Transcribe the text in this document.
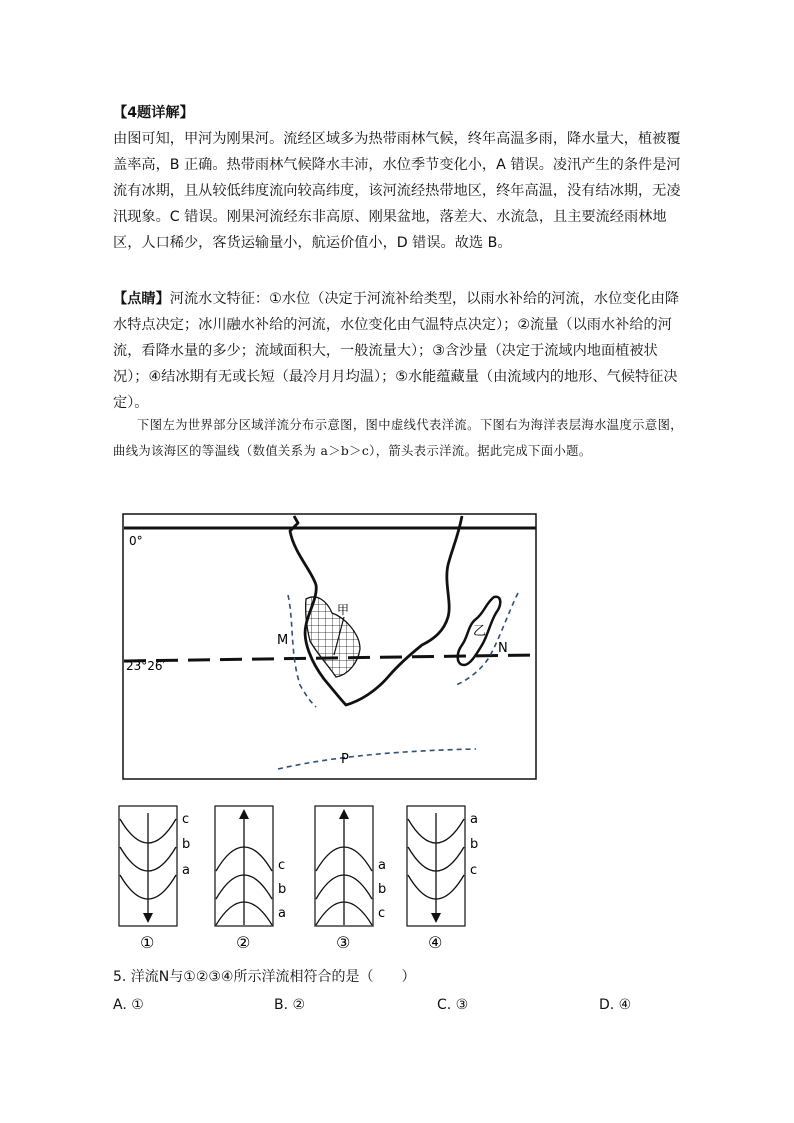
【4题详解】
由图可知，甲河为刚果河。流经区域多为热带雨林气候，终年高温多雨，降水量大，植被覆盖率高，B 正确。热带雨林气候降水丰沛，水位季节变化小，A 错误。凌汛产生的条件是河流有冰期，且从较低纬度流向较高纬度，该河流经热带地区，终年高温，没有结冰期，无凌汛现象。C 错误。刚果河流经东非高原、刚果盆地，落差大、水流急，且主要流经雨林地区，人口稀少，客货运输量小，航运价值小，D 错误。故选 B。
【点睛】河流水文特征：①水位（决定于河流补给类型，以雨水补给的河流，水位变化由降水特点决定；冰川融水补给的河流，水位变化由气温特点决定）；②流量（以雨水补给的河流，看降水量的多少；流域面积大，一般流量大）；③含沙量（决定于流域内地面植被状况）；④结冰期有无或长短（最冷月月均温）；⑤水能蕴藏量（由流域内的地形、气候特征决定）。
下图左为世界部分区域洋流分布示意图，图中虚线代表洋流。下图右为海洋表层海水温度示意图，曲线为该海区的等温线（数值关系为 a＞b＞c），箭头表示洋流。据此完成下面小题。
0°
23°26′
甲
乙
M
N
P
c
b
a
①
c
b
a
②
a
b
c
③
a
b
c
④
5. 洋流N与①②③④所示洋流相符合的是（　　）
A. ①	B. ②	C. ③	D. ④
